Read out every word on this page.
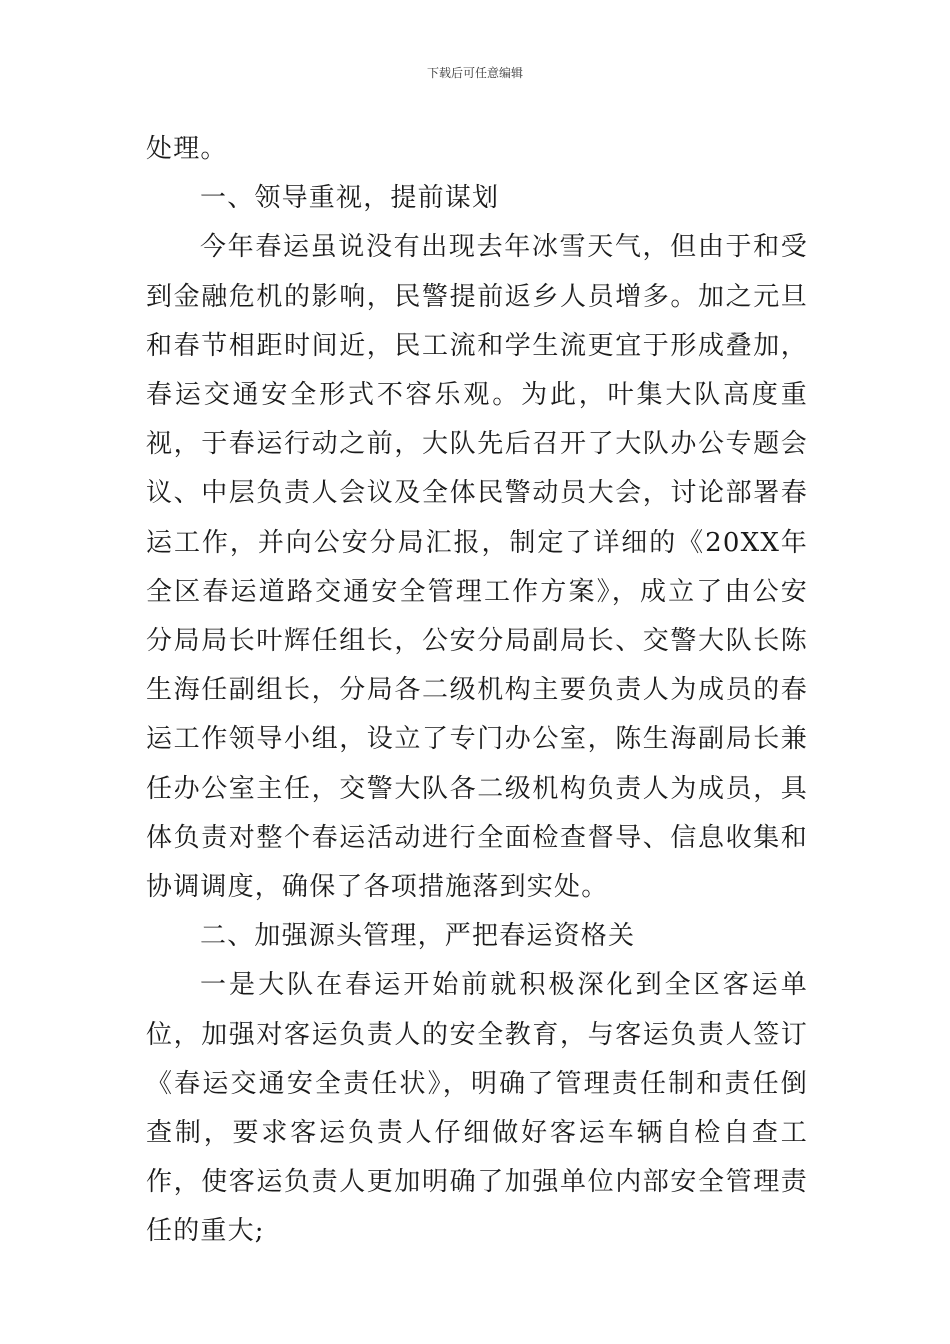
下载后可任意编辑

处理。

一、领导重视，提前谋划

今年春运虽说没有出现去年冰雪天气，但由于和受到金融危机的影响，民警提前返乡人员增多。加之元旦和春节相距时间近，民工流和学生流更宜于形成叠加，春运交通安全形式不容乐观。为此，叶集大队高度重视，于春运行动之前，大队先后召开了大队办公专题会议、中层负责人会议及全体民警动员大会，讨论部署春运工作，并向公安分局汇报，制定了详细的《20XX年全区春运道路交通安全管理工作方案》，成立了由公安分局局长叶辉任组长，公安分局副局长、交警大队长陈生海任副组长，分局各二级机构主要负责人为成员的春运工作领导小组，设立了专门办公室，陈生海副局长兼任办公室主任，交警大队各二级机构负责人为成员，具体负责对整个春运活动进行全面检查督导、信息收集和协调调度，确保了各项措施落到实处。

二、加强源头管理，严把春运资格关

一是大队在春运开始前就积极深化到全区客运单位，加强对客运负责人的安全教育，与客运负责人签订《春运交通安全责任状》，明确了管理责任制和责任倒查制，要求客运负责人仔细做好客运车辆自检自查工作，使客运负责人更加明确了加强单位内部安全管理责任的重大;
